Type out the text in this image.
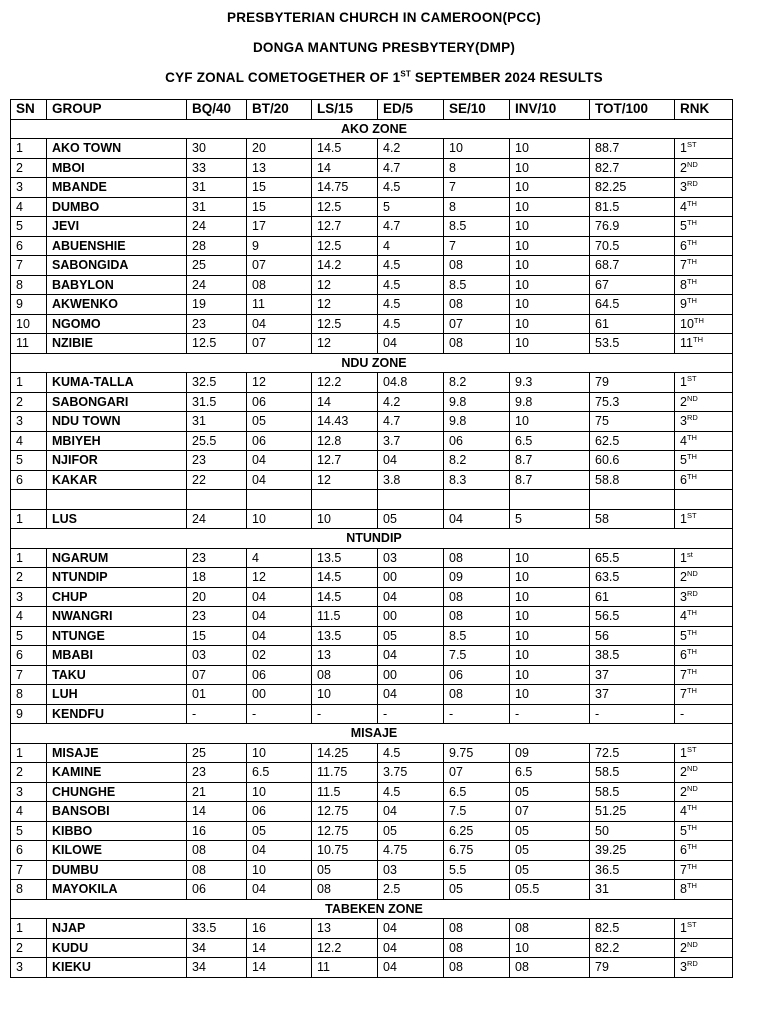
PRESBYTERIAN CHURCH IN CAMEROON(PCC)
DONGA MANTUNG PRESBYTERY(DMP)
CYF ZONAL COMETOGETHER OF 1ST SEPTEMBER 2024 RESULTS
SN	GROUP	BQ/40	BT/20	LS/15	ED/5	SE/10	INV/10	TOT/100	RNK
AKO ZONE									
1	AKO TOWN	30	20	14.5	4.2	10	10	88.7	1ST
2	MBOI	33	13	14	4.7	8	10	82.7	2ND
3	MBANDE	31	15	14.75	4.5	7	10	82.25	3RD
4	DUMBO	31	15	12.5	5	8	10	81.5	4TH
5	JEVI	24	17	12.7	4.7	8.5	10	76.9	5TH
6	ABUENSHIE	28	9	12.5	4	7	10	70.5	6TH
7	SABONGIDA	25	07	14.2	4.5	08	10	68.7	7TH
8	BABYLON	24	08	12	4.5	8.5	10	67	8TH
9	AKWENKO	19	11	12	4.5	08	10	64.5	9TH
10	NGOMO	23	04	12.5	4.5	07	10	61	10TH
11	NZIBIE	12.5	07	12	04	08	10	53.5	11TH
NDU ZONE									
1	KUMA-TALLA	32.5	12	12.2	04.8	8.2	9.3	79	1ST
2	SABONGARI	31.5	06	14	4.2	9.8	9.8	75.3	2ND
3	NDU TOWN	31	05	14.43	4.7	9.8	10	75	3RD
4	MBIYEH	25.5	06	12.8	3.7	06	6.5	62.5	4TH
5	NJIFOR	23	04	12.7	04	8.2	8.7	60.6	5TH
6	KAKAR	22	04	12	3.8	8.3	8.7	58.8	6TH

1	LUS	24	10	10	05	04	5	58	1ST
NTUNDIP									
1	NGARUM	23	4	13.5	03	08	10	65.5	1st
2	NTUNDIP	18	12	14.5	00	09	10	63.5	2ND
3	CHUP	20	04	14.5	04	08	10	61	3RD
4	NWANGRI	23	04	11.5	00	08	10	56.5	4TH
5	NTUNGE	15	04	13.5	05	8.5	10	56	5TH
6	MBABI	03	02	13	04	7.5	10	38.5	6TH
7	TAKU	07	06	08	00	06	10	37	7TH
8	LUH	01	00	10	04	08	10	37	7TH
9	KENDFU	-	-	-	-	-	-	-	-
MISAJE									
1	MISAJE	25	10	14.25	4.5	9.75	09	72.5	1ST
2	KAMINE	23	6.5	11.75	3.75	07	6.5	58.5	2ND
3	CHUNGHE	21	10	11.5	4.5	6.5	05	58.5	2ND
4	BANSOBI	14	06	12.75	04	7.5	07	51.25	4TH
5	KIBBO	16	05	12.75	05	6.25	05	50	5TH
6	KILOWE	08	04	10.75	4.75	6.75	05	39.25	6TH
7	DUMBU	08	10	05	03	5.5	05	36.5	7TH
8	MAYOKILA	06	04	08	2.5	05	05.5	31	8TH
TABEKEN ZONE									
1	NJAP	33.5	16	13	04	08	08	82.5	1ST
2	KUDU	34	14	12.2	04	08	10	82.2	2ND
3	KIEKU	34	14	11	04	08	08	79	3RD
